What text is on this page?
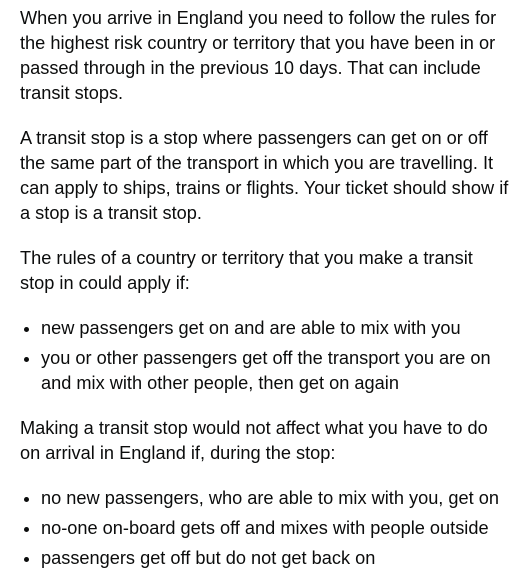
When you arrive in England you need to follow the rules for the highest risk country or territory that you have been in or passed through in the previous 10 days. That can include transit stops.

A transit stop is a stop where passengers can get on or off the same part of the transport in which you are travelling. It can apply to ships, trains or flights. Your ticket should show if a stop is a transit stop.

The rules of a country or territory that you make a transit stop in could apply if:

• new passengers get on and are able to mix with you
• you or other passengers get off the transport you are on and mix with other people, then get on again

Making a transit stop would not affect what you have to do on arrival in England if, during the stop:

• no new passengers, who are able to mix with you, get on
• no-one on-board gets off and mixes with people outside
• passengers get off but do not get back on
